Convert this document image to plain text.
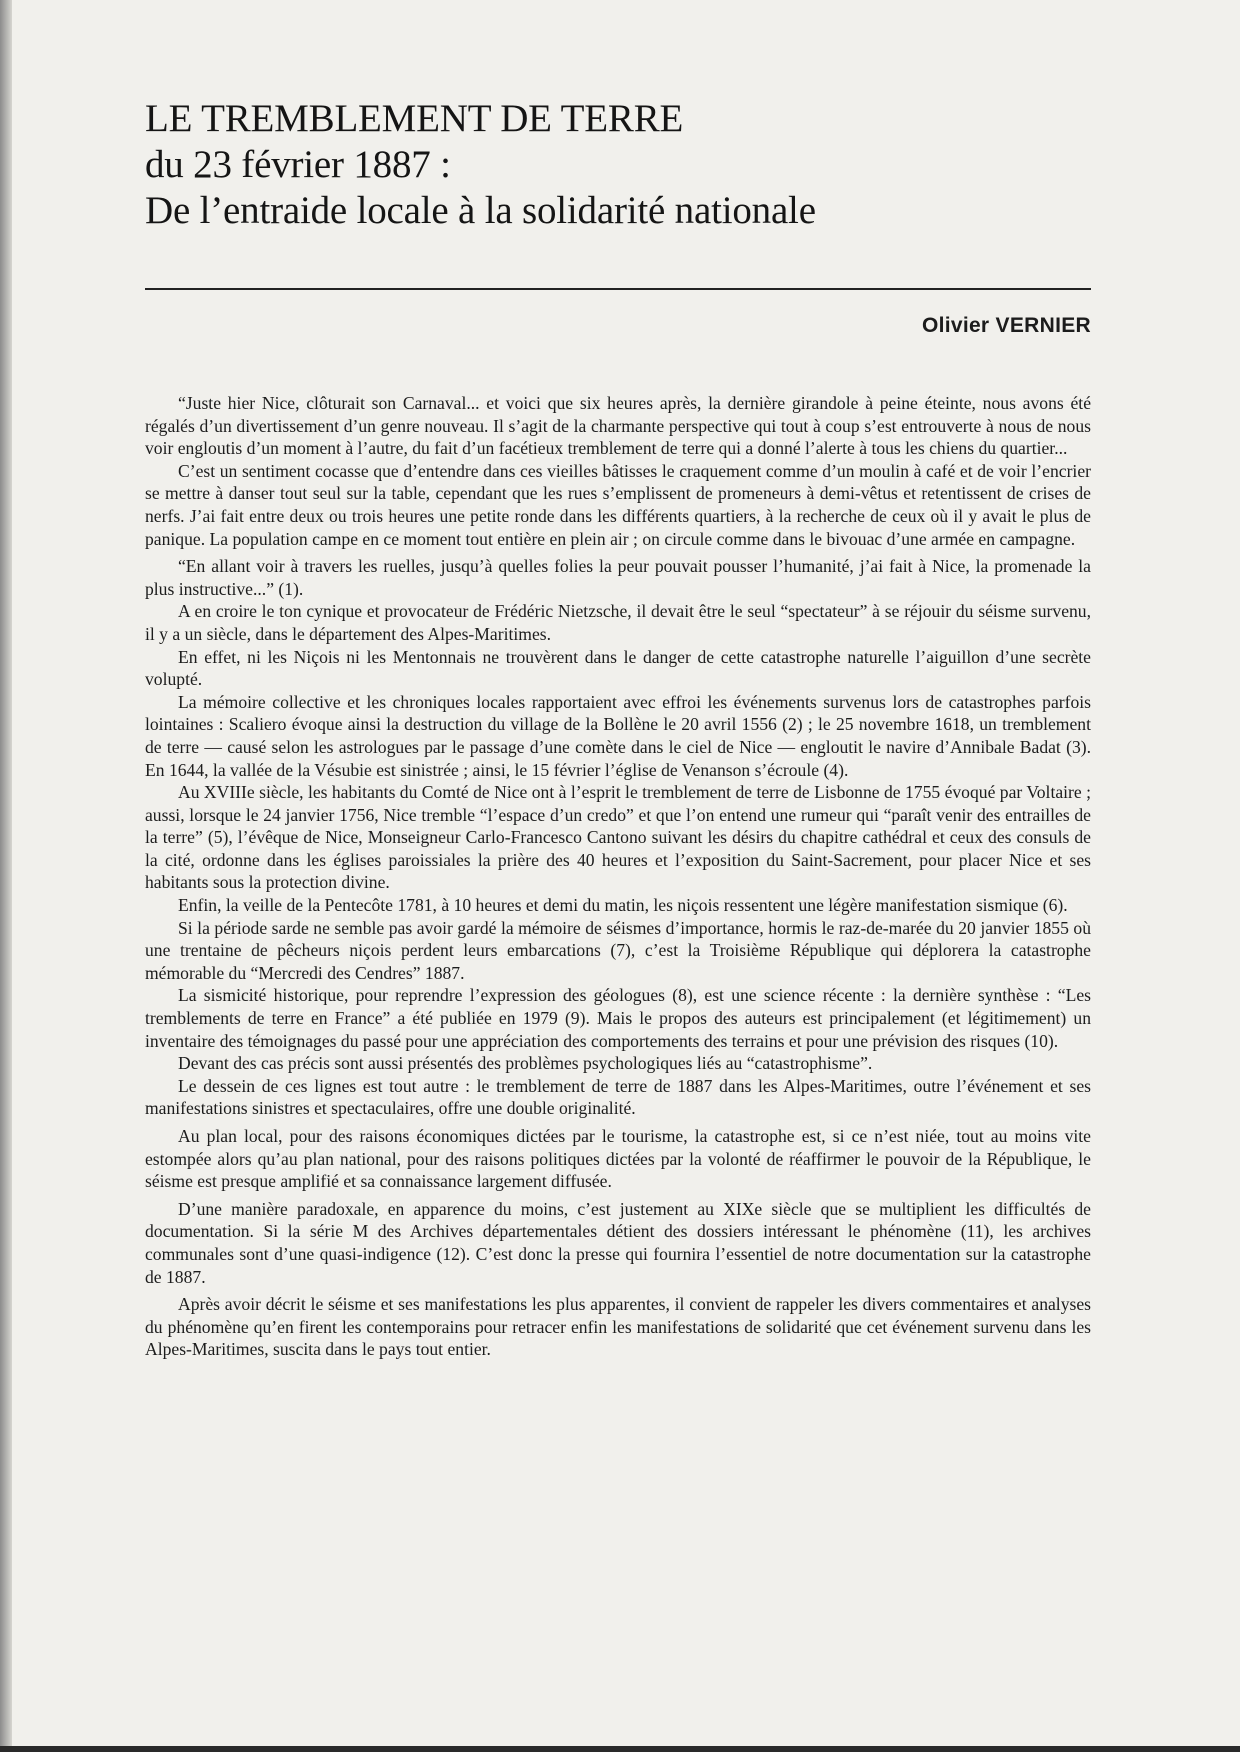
LE TREMBLEMENT DE TERRE
du 23 février 1887 :
De l’entraide locale à la solidarité nationale
Olivier VERNIER

“Juste hier Nice, clôturait son Carnaval... et voici que six heures après, la dernière girandole à peine éteinte, nous avons été régalés d’un divertissement d’un genre nouveau. Il s’agit de la charmante perspective qui tout à coup s’est entrouverte à nous de nous voir engloutis d’un moment à l’autre, du fait d’un facétieux tremblement de terre qui a donné l’alerte à tous les chiens du quartier...

C’est un sentiment cocasse que d’entendre dans ces vieilles bâtisses le craquement comme d’un moulin à café et de voir l’encrier se mettre à danser tout seul sur la table, cependant que les rues s’emplissent de promeneurs à demi-vêtus et retentissent de crises de nerfs. J’ai fait entre deux ou trois heures une petite ronde dans les différents quartiers, à la recherche de ceux où il y avait le plus de panique. La population campe en ce moment tout entière en plein air ; on circule comme dans le bivouac d’une armée en campagne.

“En allant voir à travers les ruelles, jusqu’à quelles folies la peur pouvait pousser l’humanité, j’ai fait à Nice, la promenade la plus instructive...” (1).

A en croire le ton cynique et provocateur de Frédéric Nietzsche, il devait être le seul “spectateur” à se réjouir du séisme survenu, il y a un siècle, dans le département des Alpes-Maritimes.

En effet, ni les Niçois ni les Mentonnais ne trouvèrent dans le danger de cette catastrophe naturelle l’aiguillon d’une secrète volupté.

La mémoire collective et les chroniques locales rapportaient avec effroi les événements survenus lors de catastrophes parfois lointaines : Scaliero évoque ainsi la destruction du village de la Bollène le 20 avril 1556 (2) ; le 25 novembre 1618, un tremblement de terre — causé selon les astrologues par le passage d’une comète dans le ciel de Nice — engloutit le navire d’Annibale Badat (3). En 1644, la vallée de la Vésubie est sinistrée ; ainsi, le 15 février l’église de Venanson s’écroule (4).

Au XVIIIe siècle, les habitants du Comté de Nice ont à l’esprit le tremblement de terre de Lisbonne de 1755 évoqué par Voltaire ; aussi, lorsque le 24 janvier 1756, Nice tremble “l’espace d’un credo” et que l’on entend une rumeur qui “paraît venir des entrailles de la terre” (5), l’évêque de Nice, Monseigneur Carlo-Francesco Cantono suivant les désirs du chapitre cathédral et ceux des consuls de la cité, ordonne dans les églises paroissiales la prière des 40 heures et l’exposition du Saint-Sacrement, pour placer Nice et ses habitants sous la protection divine.

Enfin, la veille de la Pentecôte 1781, à 10 heures et demi du matin, les niçois ressentent une légère manifestation sismique (6).

Si la période sarde ne semble pas avoir gardé la mémoire de séismes d’importance, hormis le raz-de-marée du 20 janvier 1855 où une trentaine de pêcheurs niçois perdent leurs embarcations (7), c’est la Troisième République qui déplorera la catastrophe mémorable du “Mercredi des Cendres” 1887.

La sismicité historique, pour reprendre l’expression des géologues (8), est une science récente : la dernière synthèse : “Les tremblements de terre en France” a été publiée en 1979 (9). Mais le propos des auteurs est principalement (et légitimement) un inventaire des témoignages du passé pour une appréciation des comportements des terrains et pour une prévision des risques (10).

Devant des cas précis sont aussi présentés des problèmes psychologiques liés au “catastrophisme”.

Le dessein de ces lignes est tout autre : le tremblement de terre de 1887 dans les Alpes-Maritimes, outre l’événement et ses manifestations sinistres et spectaculaires, offre une double originalité.

Au plan local, pour des raisons économiques dictées par le tourisme, la catastrophe est, si ce n’est niée, tout au moins vite estompée alors qu’au plan national, pour des raisons politiques dictées par la volonté de réaffirmer le pouvoir de la République, le séisme est presque amplifié et sa connaissance largement diffusée.

D’une manière paradoxale, en apparence du moins, c’est justement au XIXe siècle que se multiplient les difficultés de documentation. Si la série M des Archives départementales détient des dossiers intéressant le phénomène (11), les archives communales sont d’une quasi-indigence (12). C’est donc la presse qui fournira l’essentiel de notre documentation sur la catastrophe de 1887.

Après avoir décrit le séisme et ses manifestations les plus apparentes, il convient de rappeler les divers commentaires et analyses du phénomène qu’en firent les contemporains pour retracer enfin les manifestations de solidarité que cet événement survenu dans les Alpes-Maritimes, suscita dans le pays tout entier.
